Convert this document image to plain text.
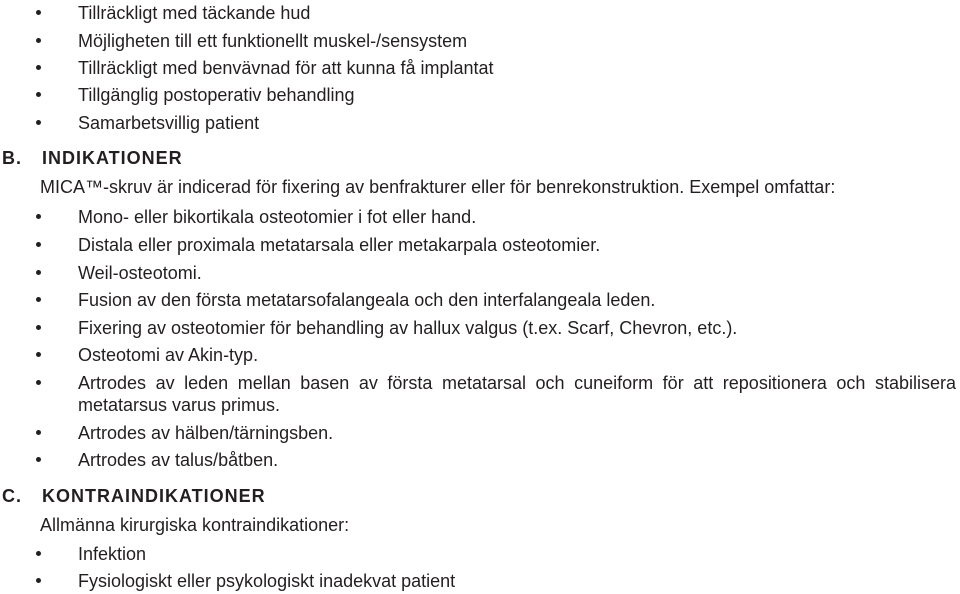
Tillräckligt med täckande hud
Möjligheten till ett funktionellt muskel-/sensystem
Tillräckligt med benvävnad för att kunna få implantat
Tillgänglig postoperativ behandling
Samarbetsvillig patient
B. INDIKATIONER
MICA™-skruv är indicerad för fixering av benfrakturer eller för benrekonstruktion. Exempel omfattar:
Mono- eller bikortikala osteotomier i fot eller hand.
Distala eller proximala metatarsala eller metakarpala osteotomier.
Weil-osteotomi.
Fusion av den första metatarsofalangeala och den interfalangeala leden.
Fixering av osteotomier för behandling av hallux valgus (t.ex. Scarf, Chevron, etc.).
Osteotomi av Akin-typ.
Artrodes av leden mellan basen av första metatarsal och cuneiform för att repositionera och stabilisera metatarsus varus primus.
Artrodes av hälben/tärningsben.
Artrodes av talus/båtben.
C. KONTRAINDIKATIONER
Allmänna kirurgiska kontraindikationer:
Infektion
Fysiologiskt eller psykologiskt inadekvat patient
